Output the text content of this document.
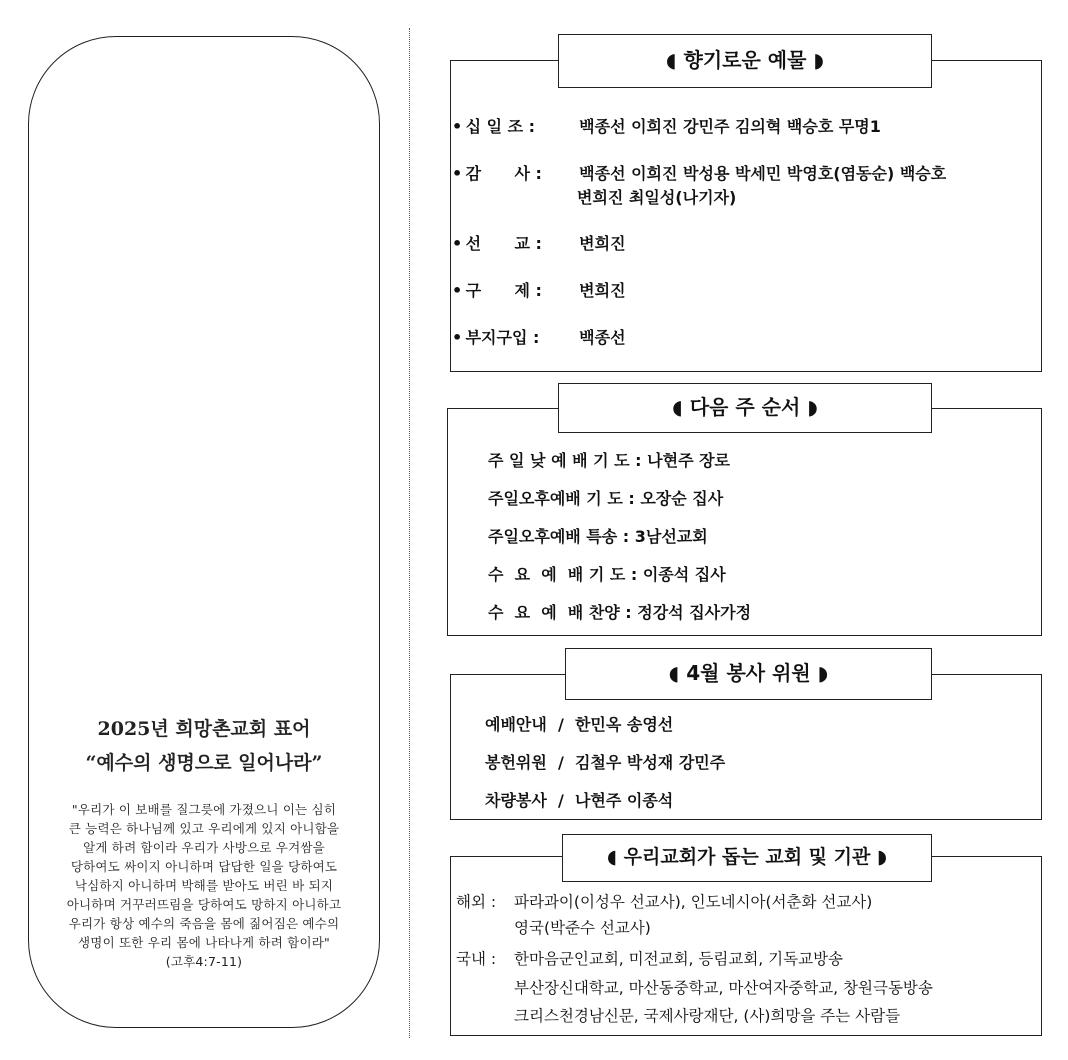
2025년 희망촌교회 표어
“예수의 생명으로 일어나라”
"우리가 이 보배를 질그릇에 가졌으니 이는 심히
큰 능력은 하나님께 있고 우리에게 있지 아니함을
알게 하려 함이라 우리가 사방으로 우겨쌈을
당하여도 싸이지 아니하며 답답한 일을 당하여도
낙심하지 아니하며 박해를 받아도 버린 바 되지
아니하며 거꾸러뜨림을 당하여도 망하지 아니하고
우리가 항상 예수의 죽음을 몸에 짊어짐은 예수의
생명이 또한 우리 몸에 나타나게 하려 함이라"
(고후4:7-11)
◖ 향기로운 예물 ◗
• 십 일 조 :	백종선 이희진 강민주 김의혁 백승호 무명1
• 감      사 : 백종선 이희진 박성용 박세민 박영호(염동순) 백승호
변희진 최일성(나기자)
• 선      교 : 변희진
• 구      제 : 변희진
• 부지구입 : 백종선
◖ 다음 주 순서 ◗
주 일 낮 예 배 기 도 : 나현주 장로
주일오후예배 기 도 : 오장순 집사
주일오후예배 특송 : 3남선교회
수  요  예  배 기 도 : 이종석 집사
수  요  예  배 찬양 : 정강석 집사가정
◖ 4월 봉사 위원 ◗
예배안내  /  한민옥 송영선
봉헌위원  /  김철우 박성재 강민주
차량봉사  /  나현주 이종석
◖ 우리교회가 돕는 교회 및 기관 ◗
해외 : 파라과이(이성우 선교사), 인도네시아(서춘화 선교사)
영국(박준수 선교사)
국내 : 한마음군인교회, 미전교회, 등림교회, 기독교방송
부산장신대학교, 마산동중학교, 마산여자중학교, 창원극동방송
크리스천경남신문, 국제사랑재단, (사)희망을 주는 사람들
